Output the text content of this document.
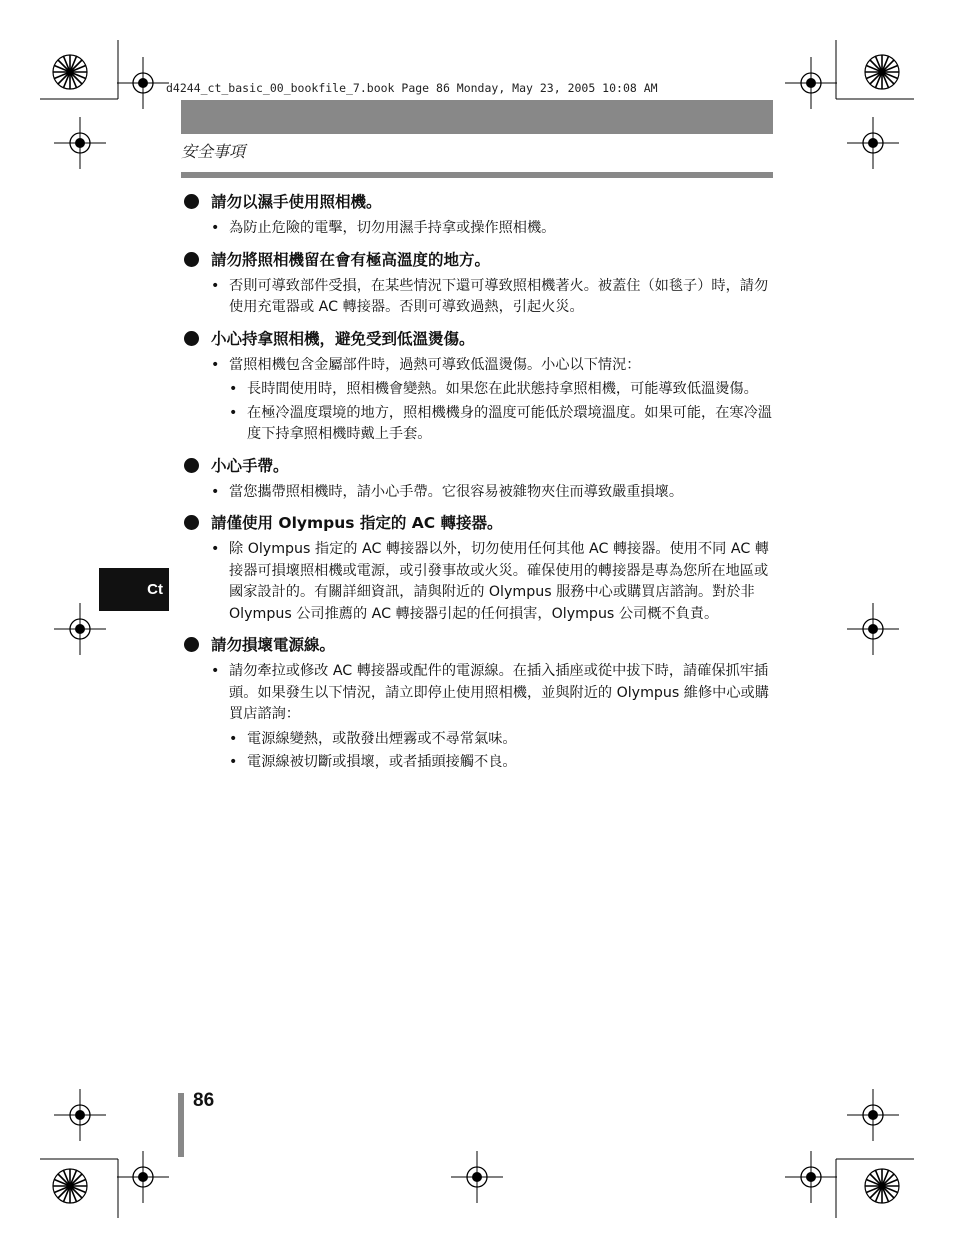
d4244_ct_basic_00_bookfile_7.book Page 86 Monday, May 23, 2005 10:08 AM
安全事項
請勿以濕手使用照相機。
• 為防止危險的電擊，切勿用濕手持拿或操作照相機。
請勿將照相機留在會有極高溫度的地方。
• 否則可導致部件受損，在某些情況下還可導致照相機著火。被蓋住（如毯子）時，請勿使用充電器或 AC 轉接器。否則可導致過熱，引起火災。
小心持拿照相機，避免受到低溫燙傷。
• 當照相機包含金屬部件時，過熱可導致低溫燙傷。小心以下情況：
• 長時間使用時，照相機會變熱。如果您在此狀態持拿照相機，可能導致低溫燙傷。
• 在極冷溫度環境的地方，照相機機身的溫度可能低於環境溫度。如果可能，在寒冷溫度下持拿照相機時戴上手套。
小心手帶。
• 當您攜帶照相機時，請小心手帶。它很容易被雜物夾住而導致嚴重損壞。
請僅使用 Olympus 指定的 AC 轉接器。
• 除 Olympus 指定的 AC 轉接器以外，切勿使用任何其他 AC 轉接器。使用不同 AC 轉接器可損壞照相機或電源，或引發事故或火災。確保使用的轉接器是專為您所在地區或國家設計的。有關詳細資訊，請與附近的 Olympus 服務中心或購買店諮詢。對於非 Olympus 公司推薦的 AC 轉接器引起的任何損害，Olympus 公司概不負責。
請勿損壞電源線。
• 請勿牽拉或修改 AC 轉接器或配件的電源線。在插入插座或從中拔下時，請確保抓牢插頭。如果發生以下情況，請立即停止使用照相機，並與附近的 Olympus 維修中心或購買店諮詢：
• 電源線變熱，或散發出煙霧或不尋常氣味。
• 電源線被切斷或損壞，或者插頭接觸不良。
Ct
86
